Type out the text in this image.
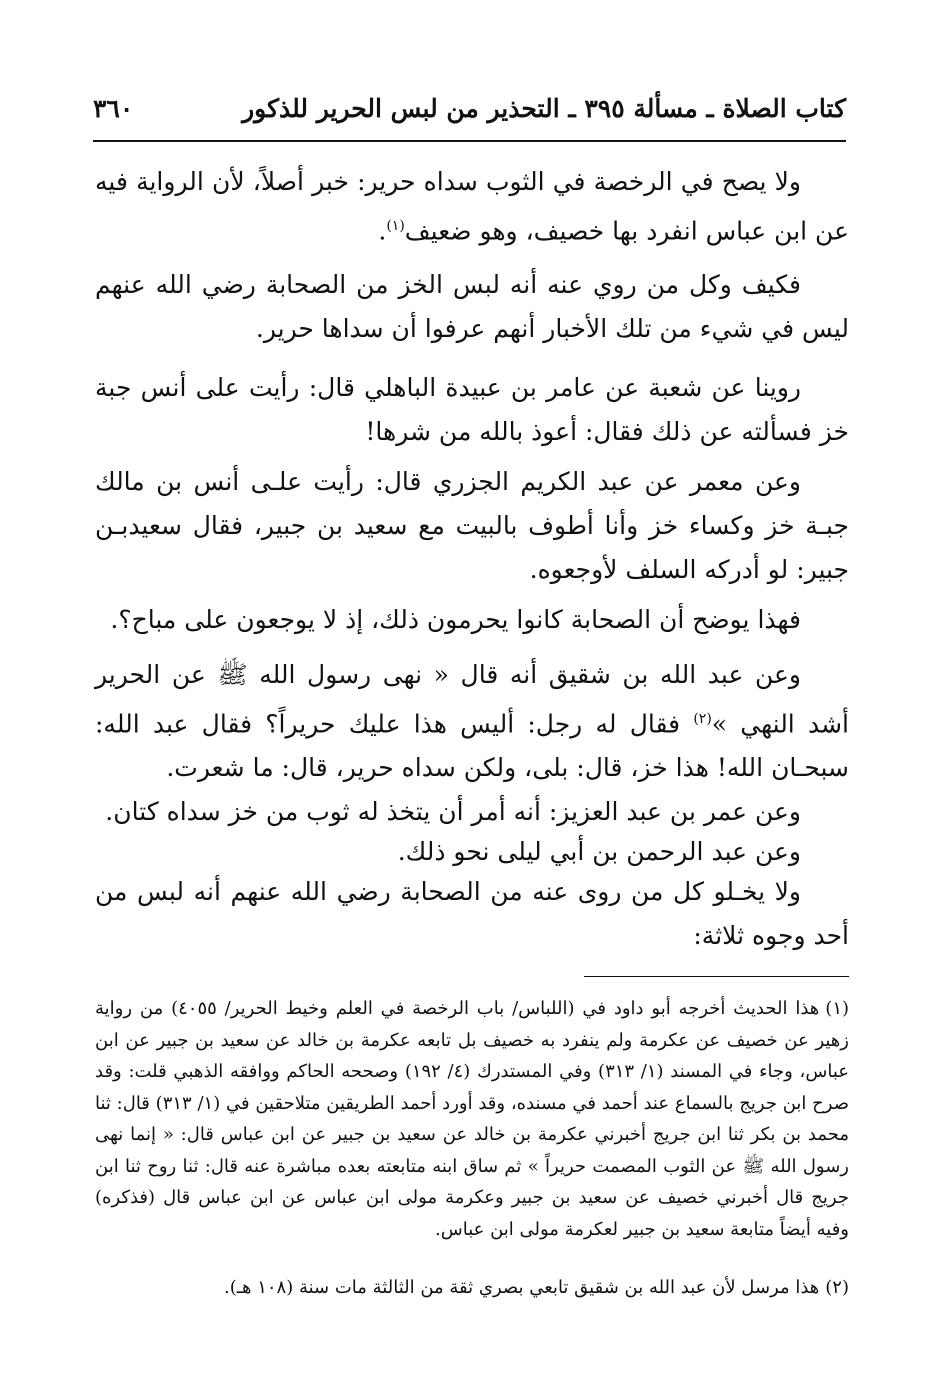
كتاب الصلاة ـ مسألة ٣٩٥ ـ التحذير من لبس الحرير للذكور
٣٦٠

ولا يصح في الرخصة في الثوب سداه حرير: خبر أصلاً، لأن الرواية فيه عن ابن عباس انفرد بها خصيف، وهو ضعيف$^{(١)}$.

فكيف وكل من روي عنه أنه لبس الخز من الصحابة رضي الله عنهم ليس في شيء من تلك الأخبار أنهم عرفوا أن سداها حرير.

روينا عن شعبة عن عامر بن عبيدة الباهلي قال: رأيت على أنس جبة خز فسألته عن ذلك فقال: أعوذ بالله من شرها!

وعن معمر عن عبد الكريم الجزري قال: رأيت علـى أنس بن مالك جبـة خز وكساء خز وأنا أطوف بالبيت مع سعيد بن جبير، فقال سعيدبـن جبير: لو أدركه السلف لأوجعوه.

فهذا يوضح أن الصحابة كانوا يحرمون ذلك، إذ لا يوجعون على مباح؟.

وعن عبد الله بن شقيق أنه قال « نهى رسول الله ﷺ عن الحرير أشد النهي »$^{(٢)}$ فقال له رجل: أليس هذا عليك حريراً؟ فقال عبد الله: سبحـان الله! هذا خز، قال: بلى، ولكن سداه حرير، قال: ما شعرت.

وعن عمر بن عبد العزيز: أنه أمر أن يتخذ له ثوب من خز سداه كتان.

وعن عبد الرحمن بن أبي ليلى نحو ذلك.

ولا يخـلو كل من روى عنه من الصحابة رضي الله عنهم أنه لبس من أحد وجوه ثلاثة:

(١)هذا الحديث أخرجه أبو داود في (اللباس/ باب الرخصة في العلم وخيط الحرير/ ٤٠٥٥) من رواية زهير عن خصيف عن عكرمة ولم ينفرد به خصيف بل تابعه عكرمة بن خالد عن سعيد بن جبير عن ابن عباس، وجاء في المسند (١/ ٣١٣) وفي المستدرك (٤/ ١٩٢) وصححه الحاكم ووافقه الذهبي قلت: وقد صرح ابن جريج بالسماع عند أحمد في مسنده، وقد أورد أحمد الطريقين متلاحقين في (١/ ٣١٣) قال: ثنا محمد بن بكر ثنا ابن جريج أخبرني عكرمة بن خالد عن سعيد بن جبير عن ابن عباس قال: « إنما نهى رسول الله ﷺ عن الثوب المصمت حريراً » ثم ساق ابنه متابعته بعده مباشرة عنه قال: ثنا روح ثنا ابن جريج قال أخبرني خصيف عن سعيد بن جبير وعكرمة مولى ابن عباس عن ابن عباس قال (فذكره) وفيه أيضاً متابعة سعيد بن جبير لعكرمة مولى ابن عباس.

(٢)هذا مرسل لأن عبد الله بن شقيق تابعي بصري ثقة من الثالثة مات سنة (١٠٨ هـ).
